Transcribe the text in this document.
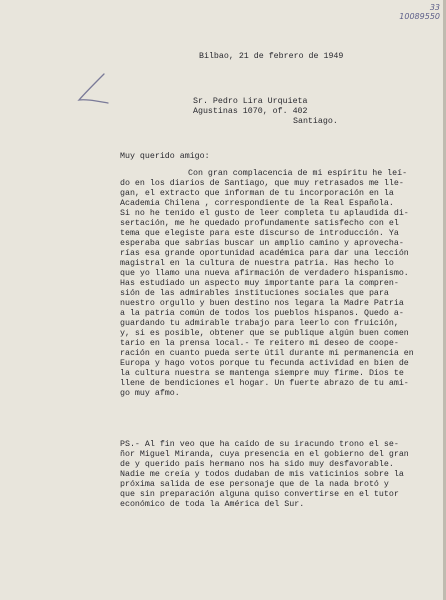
33
10089550
Bilbao, 21 de febrero de 1949
Sr. Pedro Lira Urquieta
Agustinas 1070, of. 402
Santiago.
Muy querido amigo:
Con gran complacencia de mi espíritu he leí-
do en los diarios de Santiago, que muy retrasados me lle-
gan, el extracto que informan de tu incorporación en la
Academia Chilena , correspondiente de la Real Española.
Si no he tenido el gusto de leer completa tu aplaudida di-
sertación, me he quedado profundamente satisfecho con el
tema que elegiste para este discurso de introducción. Ya
esperaba que sabrías buscar un amplio camino y aprovecha-
rías esa grande oportunidad académica para dar una lección
magistral en la cultura de nuestra patria. Has hecho lo
que yo llamo una nueva afirmación de verdadero hispanismo.
Has estudiado un aspecto muy importante para la compren-
sión de las admirables instituciones sociales que para
nuestro orgullo y buen destino nos legara la Madre Patria
a la patria común de todos los pueblos hispanos. Quedo a-
guardando tu admirable trabajo para leerlo con fruición,
y, si es posible, obtener que se publique algún buen comen
tario en la prensa local.- Te reitero mi deseo de coope-
ración en cuanto pueda serte útil durante mi permanencia en
Europa y hago votos porque tu fecunda actividad en bien de
la cultura nuestra se mantenga siempre muy firme. Dios te
llene de bendiciones el hogar. Un fuerte abrazo de tu ami-
go muy afmo.
PS.- Al fin veo que ha caído de su iracundo trono el se-
ñor Miguel Miranda, cuya presencia en el gobierno del gran
de y querido país hermano nos ha sido muy desfavorable.
Nadie me creía y todos dudaban de mis vaticinios sobre la
próxima salida de ese personaje que de la nada brotó y
que sin preparación alguna quiso convertirse en el tutor
económico de toda la América del Sur.
